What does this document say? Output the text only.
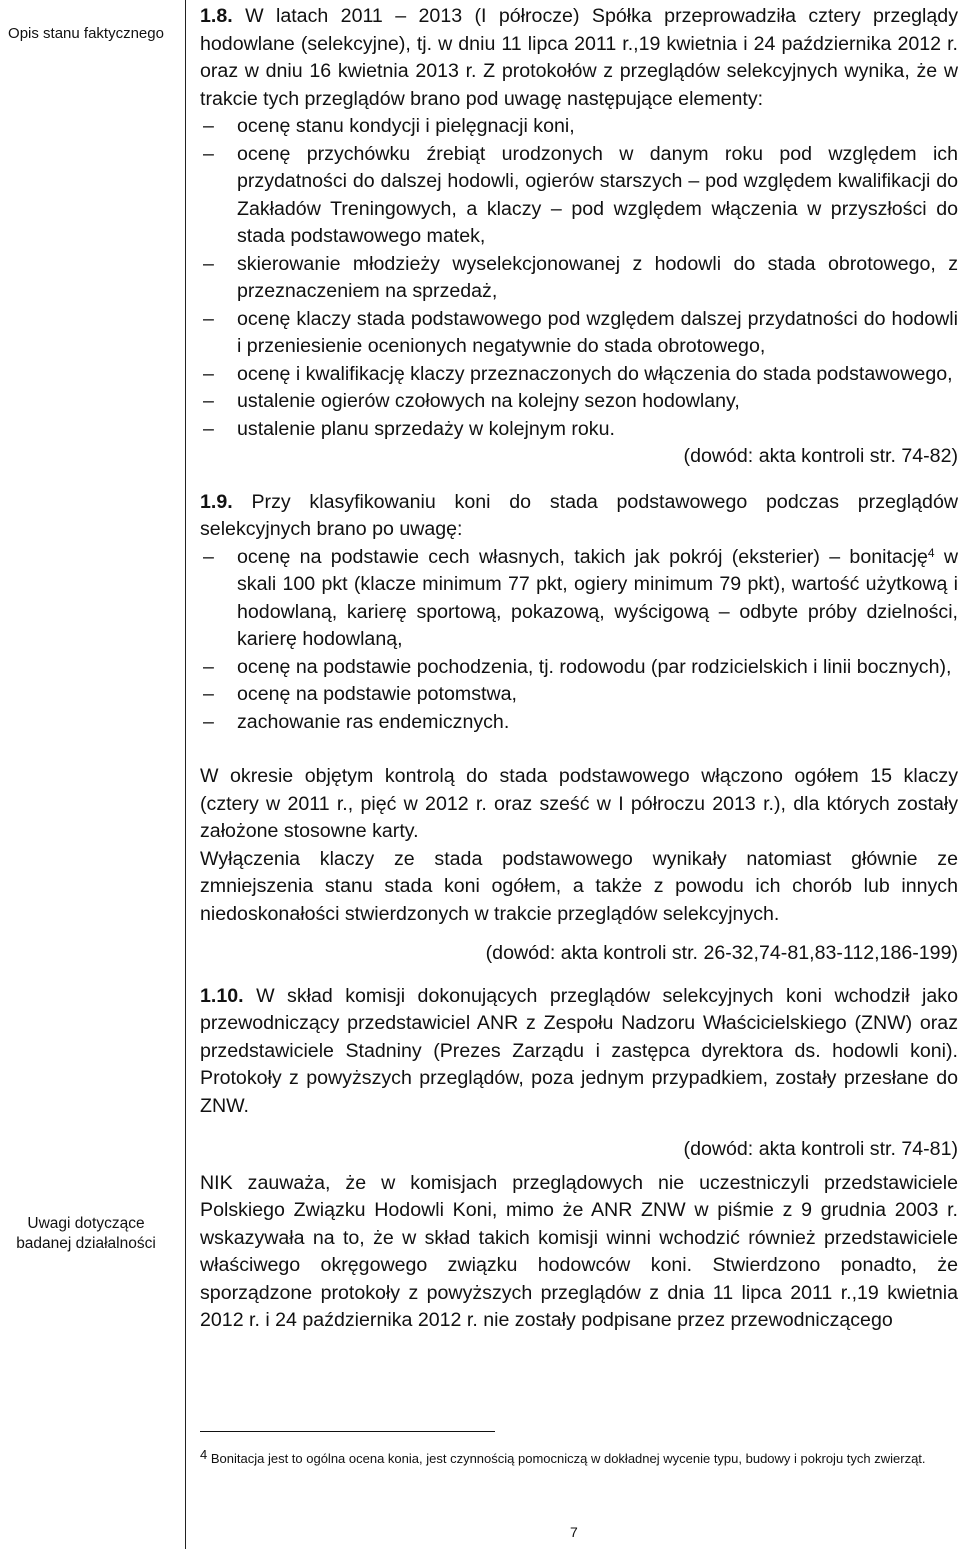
Opis stanu faktycznego
Uwagi dotyczące badanej działalności
1.8. W latach 2011 – 2013 (I półrocze) Spółka przeprowadziła cztery przeglądy hodowlane (selekcyjne), tj. w dniu 11 lipca 2011 r.,19 kwietnia i 24 października 2012 r. oraz w dniu 16 kwietnia 2013 r. Z protokołów z przeglądów selekcyjnych wynika, że w trakcie tych przeglądów brano pod uwagę następujące elementy:
– ocenę stanu kondycji i pielęgnacji koni,
– ocenę przychówku źrebiąt urodzonych w danym roku pod względem ich przydatności do dalszej hodowli, ogierów starszych – pod względem kwalifikacji do Zakładów Treningowych, a klaczy – pod względem włączenia w przyszłości do stada podstawowego matek,
– skierowanie młodzieży wyselekcjonowanej z hodowli do stada obrotowego, z przeznaczeniem na sprzedaż,
– ocenę klaczy stada podstawowego pod względem dalszej przydatności do hodowli i przeniesienie ocenionych negatywnie do stada obrotowego,
– ocenę i kwalifikację klaczy przeznaczonych do włączenia do stada podstawowego,
– ustalenie ogierów czołowych na kolejny sezon hodowlany,
– ustalenie planu sprzedaży w kolejnym roku.
(dowód: akta kontroli str. 74-82)
1.9. Przy klasyfikowaniu koni do stada podstawowego podczas przeglądów selekcyjnych brano po uwagę:
– ocenę na podstawie cech własnych, takich jak pokrój (eksterier) – bonitację$^4$ w skali 100 pkt (klacze minimum 77 pkt, ogiery minimum 79 pkt), wartość użytkową i hodowlaną, karierę sportową, pokazową, wyścigową – odbyte próby dzielności, karierę hodowlaną,
– ocenę na podstawie pochodzenia, tj. rodowodu (par rodzicielskich i linii bocznych),
– ocenę na podstawie potomstwa,
– zachowanie ras endemicznych.
W okresie objętym kontrolą do stada podstawowego włączono ogółem 15 klaczy (cztery w 2011 r., pięć w 2012 r. oraz sześć w I półroczu 2013 r.), dla których zostały założone stosowne karty.
Wyłączenia klaczy ze stada podstawowego wynikały natomiast głównie ze zmniejszenia stanu stada koni ogółem, a także z powodu ich chorób lub innych niedoskonałości stwierdzonych w trakcie przeglądów selekcyjnych.
(dowód: akta kontroli str. 26-32,74-81,83-112,186-199)
1.10. W skład komisji dokonujących przeglądów selekcyjnych koni wchodził jako przewodniczący przedstawiciel ANR z Zespołu Nadzoru Właścicielskiego (ZNW) oraz przedstawiciele Stadniny (Prezes Zarządu i zastępca dyrektora ds. hodowli koni). Protokoły z powyższych przeglądów, poza jednym przypadkiem, zostały przesłane do ZNW.
(dowód: akta kontroli str. 74-81)
NIK zauważa, że w komisjach przeglądowych nie uczestniczyli przedstawiciele Polskiego Związku Hodowli Koni, mimo że ANR ZNW w piśmie z 9 grudnia 2003 r. wskazywała na to, że w skład takich komisji winni wchodzić również przedstawiciele właściwego okręgowego związku hodowców koni. Stwierdzono ponadto, że sporządzone protokoły z powyższych przeglądów z dnia 11 lipca 2011 r.,19 kwietnia 2012 r. i 24 października 2012 r. nie zostały podpisane przez przewodniczącego
$^4$ Bonitacja jest to ogólna ocena konia, jest czynnością pomocniczą w dokładnej wycenie typu, budowy i pokroju tych zwierząt.
7
